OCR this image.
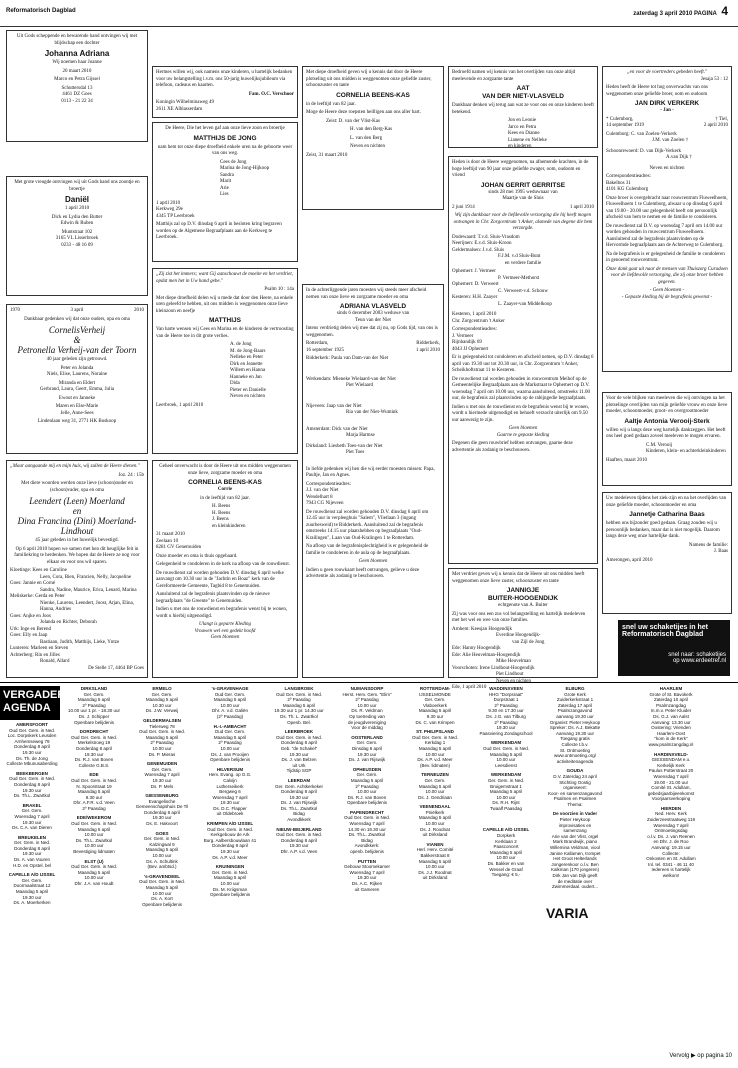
Reformatorisch Dagblad	zaterdag 3 april 2010 PAGINA 4

Uit Gods scheppende en bewarende hand ontvingen wij met blijdschap een dochter

Johanna Adriana

Wij noemen haar Joanne

20 maart 2010

Marco en Petra Gijssel

Schuttersdal 13

4461 DZ Goes

0113 - 21 22 34

Met grote vreugde ontvingen wij uit Gods hand ons zoontje en broertje

Daniël

1 april 2010

Dick en Lydia den Butter

Edwin & Ruben

Muntstraat 102

3165 VL Lisserbroek

0233 - 48 16 09

1970	3 april	2010

Dankbaar gedenken wij dat onze ouders, opa en oma

CornelisVerheij

&

Petronella Verheij-van der Toorn

40 jaar geleden zijn getrouwd.

Peter en Jolanda

Niels, Elise, Laurens, Noraine

Miranda en Eldert

Gerbrand, Laura, Geert, Emma, Julia

Ewout en Janneke

Maren en Else-Marie

Jelle, Anne-Sees

Lindenlaan weg 31, 2771 HK Boskoop

„Maar aangaande mij en mijn huis, wij zullen de Heere dienen."

Joz. 24 : 15b

Met diere woorden werden onze lieve (schoon)ouder en (schoon)vader, opa en oma

Leendert (Leen) Moerland

en

Dina Francina (Dini) Moerland-Lindhout

45 jaar geleden in het huwelijk bevestigd.

Op 6 april 2010 hopen we samen met hen dit heuglijke feit in familiekring te herdenken. We hopen dat de Heere ze nog voor elkaar en voor ons wil sparen.

Kloetinge: Kees en Caroline

Leen, Cora, Bien, Francien, Nelly, Jacqueline

Goes: Jannie en Corné

Sandra, Nadine, Maurice, Erica, Lenard, Marina

Meliskerke: Gerda en Peter

Nienke, Laurens, Leendert, Joost, Arjan, Elina, Hanna, Andries

Goes: Anjke en Joos

Jolanda en Richter, Deborah

Urk: Inge en Berend

Goes: Elly en Jaap

Bastiaan, Judith, Matthijs, Lieke, Yntze

Lunteren: Marleen en Steven

Achterberg: Rin en Jilles

Ronald, Allard

De Stelle 17, 4464 BP Goes

Hermes willen wij, ook namens onze kinderen, u hartelijk bedanken voor uw belangstelling i.v.m. ons 50-jarig huwelijksjubileum via telefoon, cadeaus en kaarten.

Fam. O.C. Verschoor

Koningin Wilhelminaweg 49

2611 XE Alblasserdam

De Heere, Die het leven gaf aan onze lieve zoon en broertje

MATTHIJS DE JONG

nam hem tot onze diepe droefheid enkele uren na de geboorte weer van ons weg.

Cees de Jong

Marina de Jong-Hijkoop

Sandra

Marit

Arie

Lies

1 april 2010

Kerkweg 29e

4345 TP Leerbroek

Matthijs zal op D.V. dinsdag 6 april in besloten kring begraven worden op de Algemene Begraafplaats aan de Kerkweg te Leerbroek.

„Zij zist het immers; want Gij aanschouwt de moeite en het verdriet, opdat men het in Uw hand gebe."

Psalm 10 : 14a

Met diepe droefheid delen wij u mede dat door den Heere, na enkele uren geleefd te hebben, uit ons midden is weggenomen onze lieve kleinzoon en neefje

MATTHIJS

Van harte wensen wij Cees en Marina en de kinderen de vertroosting van de Heere toe in dit grote verlies.

A. de Jong

M. de Jong-Baars

Nelleke en Peter

Dirk en Jeanette

Willem en Hanna

Hanneke en Jan

Dida

Pieter en Danielle

Neven en nichten

Leerbroek, 1 april 2010

Geheel onverwacht is door de Heere uit ons midden weggenomen onze lieve, zorgzame moeder en oma

CORNELIA BEENS-KAS

Corrie

in de leeftijd van 82 jaar.

H. Beens

H. Beens

J. Beens

en kleinkinderen

31 maart 2010

Zeelaan 10

8281 GV Genemuiden

Onze moeder en oma is thuis opgebaard.

Gelegenheid te condoleren in de kerk na afloop van de rouwdienst.

De rouwdienst zal worden gehouden D.V. dinsdag 6 april welke aanvangt om 10.30 uur in de "Jachtin en Boaz" kerk van de Gereformeerde Gemeente, Tagbid 8 te Genemuiden.

Aansluitend zal de begrafenis plaatsvinden op de nieuwe begraafplaats "de Greente" te Genemuiden.

Indien u met ons de rouwdienst en begrafenis wenst bij te wonen, wordt u hierbij uitgenodigd.

Ulangt is geparte Kleding

Vrouwen wel een gedekt hoofd

Geen bloemen

Met diepe droefheid geven wij u kennis dat door de Heere plotseling uit ons midden is weggenomen onze geliefde zuster, schoonzuster en tante

CORNELIA BEENS-KAS

in de leeftijd van 82 jaar.

Moge de Heere deze roepsten heilligen aan ons aller hart.

Zeist: D. van der Vlist-Kas

H. van den Berg-Kas

L. van den Berg

Neven en nichten

Zeist, 31 maart 2010

In de achterliggende jaren moesten wij steeds meer afscheid nemen van onze lieve en zorgzame moeder en oma

ADRIANA VLASVELD

sinds 6 december 2003 weduwe van

Teun van der Niet

Intens verdrietig delen wij mee dat zij nu, op Gods tijd, van ons is weggenomen.

Rotterdam,	Ridderkerk,

16 september 1925	1 april 2010

Ridderkerk: Paula van Dam-van der Niet

Werkendam: Mieneke Wielaard-van der Niet

Piet Wielaard

Nijeveen: Jaap van der Niet

Ria van der Niet-Wumink

Amsterdam: Dick van der Niet

Marja Harmse

Dirksland: Liesbeth Toes-van der Niet

Piet Toes

In liefde gedenken wij hen die wij eerder moesten missen: Papa, Paultje, Jan en Agnes.

Correspondentieadres:

J.J. van der Niet

Wendelhart 8

7943 CG Nijeveen

De rouwdienst zal worden gehouden D.V. dinsdag 6 april om 12.45 uur in verpleeghuis "Salem", Vlietlaan 3 (ingang zuurbesweid) te Ridderkerk. Aansluitend zal de begrafenis omstreeks 14.15 uur plaatshebben op begraafplaats "Oud-Krailingen", Laan van Oud-Kralingen 1 te Rotterdam.

Na afloop van de begrafenisplechtigheid is er gelegenheid de familie te condoleren in de aula op de begraafplaats.

Geen bloemen

Indien u geen rouwkaart heeft ontvangen, gelieve u deze advertentie als zodanig te beschouwen.

Bedroefd namen wij kennis van het overlijden van onze altijd meelevende en zorgzame tante

AAT

VAN DER NIET-VLASVELD

Dankbaar denken wij terug aan wat ze voor ons en onze kinderen heeft betekend.

Jon en Leonie

Jarco en Petra

Kees en Dianne

Lianene en Nelleke

en kinderen

Heden is door de Heere weggenomen, na afnemende krachten, in de hoge leeftijd van 90 jaar onze geliefde zwager, oom, oudoom en vriend

JOHAN GERRIT GERRITSE

sinds 28 mei 1995 weduwnaar van

Maartje van de Sluis

2 juni 1914	1 april 2010

Wij zijn dankbaar voor de liefdevolle verzorging die hij heeft mogen ontvangen in Chr. Zorgcentrum 't Anker, alsmede van degene die hem verzorgde.

Dodewaard: T.v.d. Sluis-Vrasdom

Neerijnen: E.v.d. Sluis-Kroon

Geldermalsen: J.v.d. Sluis

F.J.M. v.d Sluis-Bunt

en verdere familie

Ophemert: J. Vermeer

P. Vermeer-Methorst

Ophemert: D. Verweert

C. Verweert-v.d. Schouw

Kesteren: H.H. Zaayer

L. Zaayer-van Middelkoop

Kesteren, 1 april 2010

Chr. Zorgcentrum 't Anker

Correspondentieadres:

J. Vermeer

Rijnbandijk 69

4043 JJ Ophemert

Er is gelegenheid tot condoleren en afscheid nemen, op D.V. dinsdag 6 april van 19.30 uur tot 20.30 uur, in Chr. Zorgcentrum 't Anker, Scheikhoftstraat 11 te Kesteren.

De rouwdienst zal worden gehouden in rouwcentrum Meihof op de Gemeentelijke Begraafplaats aan de Markstraat te Ophemert op D.V. woensdag 7 april om 10.00 uur, waarna aansluitend, omstreeks 11.00 uur, de begrafenis zal plaatsvinden op de rabijngedie begraafplaats.

Indien u met ons de rouwdienst en de begrafenis wenst bij te wonen, wordt u hiermede uitgenodigd en behoeft verzocht uiterlijk om 9.50 uur aanwezig te zijn.

Geen bloemen

Gaarne te gepaste kleding

Degenen die geen rouwbrief hebben ontvangen, gaarne deze advertentie als zodanig te beschouwen.

Met verdriet geven wij u kennis dat de Heere uit ons midden heeft weggenomen onze lieve zuster, schoonzuster en tante

JANNIGJE

BUITER-HOOGENDIJK

echtgenote van A. Buiter

Zij was voor ons een zus vol belangstelling en hartelijk medeleven met het wel en wee van onze families.

Arnhem: Keesjan Hoogendijk

Everdine Hoogendijk-

van Zijl de Jong

Ede: Hanny Hoogendijk

Ede: Alie Heuvelman-Hoogendijk

Mike Heuvelman

Voorschoten: Irene Lindhout-Hoogendijk

Piet Lindhout

Neven en nichten

Ede, 1 april 2010

„en voor de voertreders gebeden heeft."

Jesaja 53 : 12

Heden heeft de Heere tot hog onverwachts van ons weggenomen onze geliefde broer, oom en oudoom

JAN DIRK VERKERK

- Jan -

* Culemborg,	† Tiel,

14 september 1919	2 april 2010

Culemborg: C. van Zoelen-Verkerk

J.M. van Zoelen †

Schoonrewoerd: D. van Dijk-Verkerk

A.van Dijk †

Neven en nichten

Correspondentieadres:

Bakelbos 31

4101 KG Culemborg

Onze broer is overgebracht naar rouwcentrum Fluweelhoem, Fluweelhoem 1 te Culemborg, alwaar u op dinsdag 6 april van 19.00 - 20.00 uur gelegenheid heeft om persoonlijk afscheid van hem te nemen en de familie te condoleren.

De rouwdienst zal D.V. op woensdag 7 april om 14.00 uur worden gehouden in rouwcentrum Fluweelhoem. Aansluitend zal de begrafenis plaatsvinden op de Hervormde begraafplaats aan de Achterweg te Culemborg.

Na de begrafenis is er gelegenheid de familie te condoleren in genoemd rouwcentrum.

Onze dank gaat uit naar de mensen van Thuiszorg Curadoen voor de liefdevolle verzorging, die zij onze broer hebben gegeven.

- Geen bloemen -

- Gepaste kleding bij de begrafenis gewenst -

Voor de vele blijken van meeleven die wij ontvingen na het plotselinge overlijden van mijn geliefde vrouw en onze lieve moeder, schoonmoeder, groot- en overgrootmoeder

Aaltje Antonia Verooij-Sterk

willen wij u langs deze weg hartelijk dankzeggen. Het heeft ons heel goed gedaan zoveel meeleven te mogen ervaren.

C.M. Verooij

Kinderen, klein- en achterkleinkinderen

Haaften, maart 2010

Uw medeleven tijdens het ziek-zijn en na het overlijden van onze geliefde moeder, schoonmoeder en oma

Jannetje Catharina Baas

hebben ons bijzonder goed gedaan. Graag zouden wij u persoonlijk bedanken, maar dat is niet mogelijk. Daarom langs deze weg onze hartelijke dank.

Namens de familie:

J. Baas

Amerongen, april 2010

snel uw schaketijes in het
Reformatorisch Dagblad
snel naar: schaketijes
op www.erdeetref.nl
VERGADER-
AGENDA
AMERSFOORT
Oud Ger. Gem. in Ned.
Loc. Dorpskerk Leusden
Arnhemseweg 79
Donderdag 8 april
19.30 uur
Ds. Th. de Jong
Collecte Mbunusaberding
BEEKBERGEN
Oud Ger. Gem. in Ned.
Donderdag 8 april
19.30 uur
Ds. Th.L. Zwartkol
BRAKEL
Ger. Gem.
Woensdag 7 april
19.30 uur
Ds. C.A. van Dieren
BREUKELEN
Ger. Gem. in Ned.
Donderdag 8 april
19.30 uur
Ds. A. van Vuuren
H.D. en Opstel. bel
CAPELLE A/D IJSSEL
Ger. Gem.
Doormaalstraat 12
Maandag 5 april
19.30 uur
Ds. A. Moerkerken
DIRKSLAND
Ger. Gem.
Maandag 5 april
2º Paasdag
10.00 uur 1 pr. - 18.30 uur
Ds. J. Schipper
Openbare belijdenis
DORDRECHT
Oud Ger. Gem. in Ned.
Merkelstroeg 19
Donderdag 8 april
19.30 uur
Ds. R.J. van Boven
Collecte G.B.S.
EDE
Oud Ger. Gem. in Ned.
N. Spoorstraat 19
Maandag 5 april
9.30 uur
Dhr. A.F.R. v.d. Veen
2º Paasdag
EDE/WEKEROM
Oud Ger. Gem. in Ned.
Maandag 5 april
10.00 uur
Ds. Th.L. Zwartkol
10.00 uur
Bevestiging lidmaten
ELST (U)
Oud Ger. Gem. in Ned.
Maandag 5 april
10.00 uur
Dhr. J.A. van Houdt
ERMELO
Ger. Gem.
Maandag 5 april
10.30 uur
Ds. J.W. Verweij
GELDERMALSEN
Tielerweg 78
Oud Ger. Gem. in Ned.
Maandag 5 april
2º Paasdag
10.00 uur
Ds. P. Mieras
GENEMUIDEN
Ger. Gem.
Woensdag 7 april
19.30 uur
Ds. P. Mels
GIESSENBURG
Evangelische Gemeenschapshuis De Til
Donderdag 8 april
19.30 uur
Ds. E. Hakvoort
GOES
Ger. Gem. in Ned.
Kalzingwal 9
Maandag 5 april
10.00 uur
Ds. A. Schultink
(Bev. ambtsd.)
's-GRAVENDEEL
Oud Ger. Gem. in Ned.
Maandag 5 april
10.00 uur
Ds. A. Kort
Openbare belijdenis
's-GRAVENHAGE
Oud Ger. Gem.
Maandag 5 april
10.00 uur
Dhr. A. v.d. Galiën
(2º Paasdag)
H.-I.-AMBACHT
Oud Ger. Gem.
Maandag 5 april
2º Paasdag
10.00 uur
Ds. J. van Prooijen
Openbare belijdenis
HILVERSUM
Herv. Evang. op G.G.
Calvijn
Lutherseikerk
Bergweg 6
Woensdag 7 april
19.30 uur
Ds. D.C. Flapper
uit Oldebroek
KRIMPEN A/D IJSSEL
Oud Ger. Gem. in Ned.
Kerkgebouw de Ark
Burg. Aalbersbouwlaan 41
Donderdag 8 april
19.30 uur
Ds. A.P. v.d. Meer
KRUININGEN
Ger. Gem. in Ned.
Maandag 5 april
10.00 uur
Ds. M. Kriigsman
Openbare belijdenis
LANGBROEK
Oud Ger. Gem. in Ned.
2º Paasdag
Maandag 5 april
19.30 uur 1 pr. 14.30 uur
Ds. Th. L. Zwartkol
Openb. Bel.
LEERBROEK
Oud Ger. Gem. in Ned.
Donderdag 8 april
Geb. "de Schakel"
19.30 uur
Ds. J. van Belzen
uit Urk
Tijdstip SGP
LEERDAM
Ger. Gem. Achtkerkeker
Donderdag 8 april
19.30 uur
Ds. J. van Rijswijk
Ds. Th.L. Zwartkol
Bidag
Avondkkerk
NIEUW-BEIJERLAND
Oud Ger. Gem. in Ned.
Donderdag 8 april
19.30 uur
Dhr. A.P. v.d. Veen
NUMANSDORP
Herst. Herv. Gem. "Elim"
2º Paasdag
10.00 uur
Ds. R. Veldman
Op toetreding van
de jeugdvereniging
Voor de middag
OOSTERLAND
Ger. Gem.
Dinsdag 6 april
19.30 uur
Ds. J. van Rijswijk
OPHEUSDEN
Ger. Gem.
Maandag 5 april
2º Paasdag
10.00 uur
Ds. R.J. van Boven
Openbare belijdenis
PAPENDRECHT
Oud Ger. Gem. in Ned.
Woensdag 7 april
14.30 en 19.30 uur
Ds. Th.L. Zwartkol
Bidag
Avondkkerk:
openb. belijdenis
PUTTEN
Gebouw Stoomekamer
Woensdag 7 april
19.30 uur
Ds. A.C. Rijken
uit Gameren
ROTTERDAM-
IJSSELMONDE
Ger. Gem.
Vlaboerkerk
Maandag 5 april
9.30 uur
Ds. C. van Krimpen
ST. PHILIPSLAND
Oud Ger. Gem. in Ned.
Kerkdag 1
Maandag 5 april
10.00 uur
Ds. A.P. v.d. Meer
(Bev. lidmaten)
TERNEUZEN
Ger. Gem.
Maandag 5 april
10.00 uur
Ds. J. Gendriaan
VEENENDAAL
Pniëlkerk
Maandag 5 april
10.00 uur
Ds. J. Roodnat
uit Dirksland
VIANEN
Herl. Herv. Comité
Bakkerstraat 8
Maandag 5 april
10.00 uur
Ds. J.J. Roodnat
uit Dirksland
WADDINXVEEN
HHG "Dorpsraat"
Dorpstraat 1
2º Paasdag
9.30 en 17.30 uur
Ds. J.G. van Tilburg
2º Paasdag
19.30 uur
Paasviering Zondagschool
WERKENDAM
Oud Ger. Gem. in Ned.
Maandag 5 april
10.00 uur
Leesdienst
WERKENDAM
Ger. Gem. in Ned.
Bruigemstraat 1
Maandag 5 april
10.00 uur
Ds. R.H. Rijnt
Twaalf Paasdag
CAPELLE A/D IJSSEL
Dorpkerk
Kerklaan 2
Paasconcert
Maandag 5 april
10.00 uur
Ds. Bakker en van
Wessel de Graaf
Toegang: € 5,-
ELBURG
Grote Kerk
Zuiderkerkstraat 1
Zaterdag 17 april
Psalmzangavond
aanvang 19.30 uur
Organist: Pieter Heykoop
Spreker: Ds. A.J. Bekatte
Aanvang 19.30 uur
Toegang gratis
Collecte t.b.v.
St. Ontmoeting
www.ontmoeting.org/
activiteitenagenda
GOUDA
D.V. Zaterdag 24 april
Stichting Oostig
organiseert:
Koor- en samenzangavond
Psalmen en Psalmen
Thema:
De voorzien in Vader
Pieter Heykoop
improvisaties en
samenzang
Arie van der Vlist, orgel
Mark Brandwijk, piano
Willemina Veldman, viool
Janine Kallamen, trompet
Het Groot Helterlands
Jongerenkoor o.l.v. Ben
Kalkman (170 jongeren)
Dirk Jan van Dijk geeft
de meditatie over
Zwimmerdaal. oudert...
HAARLEM
Grote of St. Bavokerk
Zaterdag 10 april
Psalmzangdag
m.m.v. Peter Kluider
Ds. G.J. van Aalst
Aanvang: 13.30 uur
Oostering: Vrienden
Haarlem-Oost
"kom in de Kerk"
www.psalmzangdag.nl
HARDINXVELD-
GIESSENDAM e.o.
Kerkelijk Kerk
Paulus Potterstraat 20
Woensdag 7 april
19.00 - 21.00 uur
Comité St. Adullam,
gebedsjaarbijeenkomst
Voorjaarsverkoping
HIERDEN
Ned. Herv. Kerk
Zuiderzeestraatweg 119
Woensdag 7 april
Ontmoetingsdag
o.l.v. Ds. J. van Reenen
en Dhr. J. de Roo
Aanvang: 19.15 uur
Collecte:
Onkosten en St. Adullam
Inl. tel. 0341 - 46 11 40
Iedereen is hartelijk
welkom!
VARIA
Vervolg ▶ op pagina 10
